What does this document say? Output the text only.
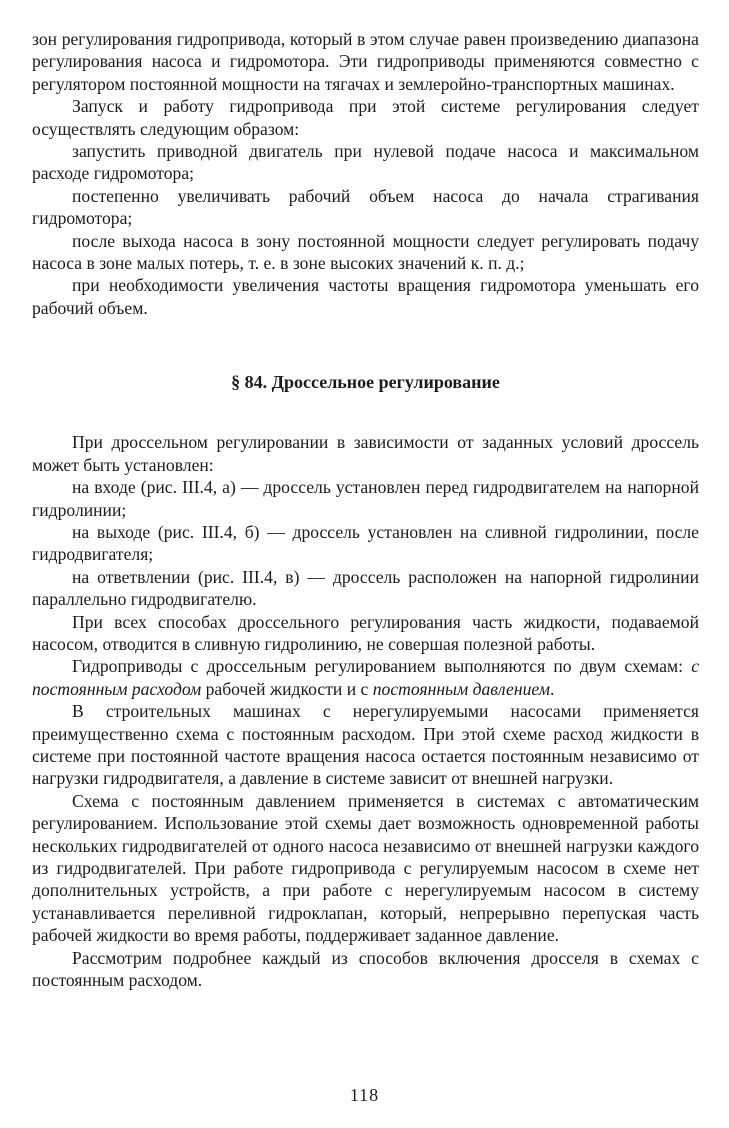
зон регулирования гидропривода, который в этом случае равен произведению диапазона регулирования насоса и гидромотора. Эти гидроприводы применяются совместно с регулятором постоянной мощности на тягачах и землеройно-транспортных машинах.

Запуск и работу гидропривода при этой системе регулирования следует осуществлять следующим образом:

запустить приводной двигатель при нулевой подаче насоса и максимальном расходе гидромотора;

постепенно увеличивать рабочий объем насоса до начала страгивания гидромотора;

после выхода насоса в зону постоянной мощности следует регулировать подачу насоса в зоне малых потерь, т. е. в зоне высоких значений к. п. д.;

при необходимости увеличения частоты вращения гидромотора уменьшать его рабочий объем.

§ 84. Дроссельное регулирование

При дроссельном регулировании в зависимости от заданных условий дроссель может быть установлен:

на входе (рис. III.4, а) — дроссель установлен перед гидродвигателем на напорной гидролинии;

на выходе (рис. III.4, б) — дроссель установлен на сливной гидролинии, после гидродвигателя;

на ответвлении (рис. III.4, в) — дроссель расположен на напорной гидролинии параллельно гидродвигателю.

При всех способах дроссельного регулирования часть жидкости, подаваемой насосом, отводится в сливную гидролинию, не совершая полезной работы.

Гидроприводы с дроссельным регулированием выполняются по двум схемам: с постоянным расходом рабочей жидкости и с постоянным давлением.

В строительных машинах с нерегулируемыми насосами применяется преимущественно схема с постоянным расходом. При этой схеме расход жидкости в системе при постоянной частоте вращения насоса остается постоянным независимо от нагрузки гидродвигателя, а давление в системе зависит от внешней нагрузки.

Схема с постоянным давлением применяется в системах с автоматическим регулированием. Использование этой схемы дает возможность одновременной работы нескольких гидродвигателей от одного насоса независимо от внешней нагрузки каждого из гидродвигателей. При работе гидропривода с регулируемым насосом в схеме нет дополнительных устройств, а при работе с нерегулируемым насосом в систему устанавливается переливной гидроклапан, который, непрерывно перепуская часть рабочей жидкости во время работы, поддерживает заданное давление.

Рассмотрим подробнее каждый из способов включения дросселя в схемах с постоянным расходом.

118
